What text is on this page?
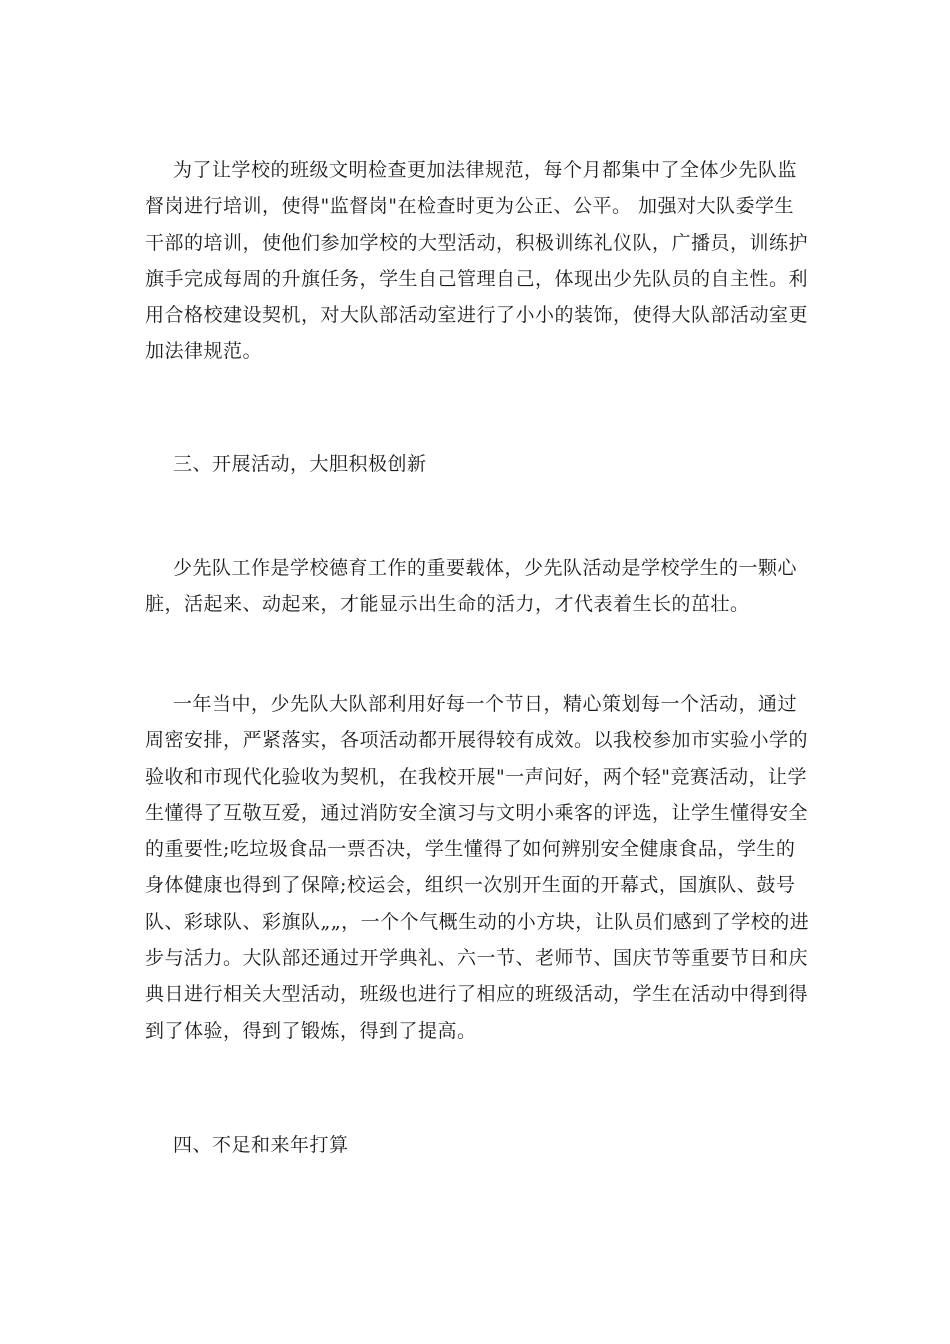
为了让学校的班级文明检查更加法律规范，每个月都集中了全体少先队监督岗进行培训，使得"监督岗"在检查时更为公正、公平。 加强对大队委学生干部的培训，使他们参加学校的大型活动，积极训练礼仪队，广播员，训练护旗手完成每周的升旗任务，学生自己管理自己，体现出少先队员的自主性。利用合格校建设契机，对大队部活动室进行了小小的装饰，使得大队部活动室更加法律规范。

三、开展活动，大胆积极创新

少先队工作是学校德育工作的重要载体，少先队活动是学校学生的一颗心脏，活起来、动起来，才能显示出生命的活力，才代表着生长的茁壮。

一年当中，少先队大队部利用好每一个节日，精心策划每一个活动，通过周密安排，严紧落实，各项活动都开展得较有成效。以我校参加市实验小学的验收和市现代化验收为契机，在我校开展"一声问好，两个轻"竞赛活动，让学生懂得了互敬互爱，通过消防安全演习与文明小乘客的评选，让学生懂得安全的重要性;吃垃圾食品一票否决，学生懂得了如何辨别安全健康食品，学生的身体健康也得到了保障;校运会，组织一次别开生面的开幕式，国旗队、鼓号队、彩球队、彩旗队„„，一个个气概生动的小方块，让队员们感到了学校的进步与活力。大队部还通过开学典礼、六一节、老师节、国庆节等重要节日和庆典日进行相关大型活动，班级也进行了相应的班级活动，学生在活动中得到得到了体验，得到了锻炼，得到了提高。

四、不足和来年打算
